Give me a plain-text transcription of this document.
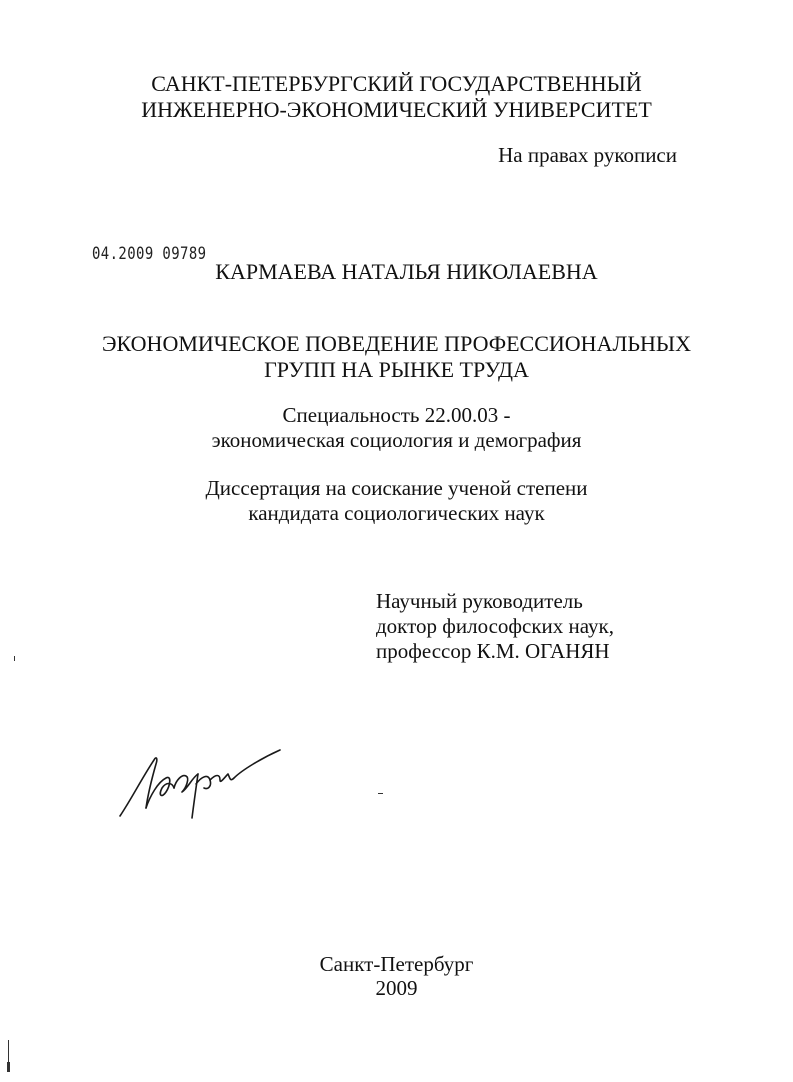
САНКТ-ПЕТЕРБУРГСКИЙ ГОСУДАРСТВЕННЫЙ
ИНЖЕНЕРНО-ЭКОНОМИЧЕСКИЙ УНИВЕРСИТЕТ
На правах рукописи
04.2009 09789
КАРМАЕВА НАТАЛЬЯ НИКОЛАЕВНА
ЭКОНОМИЧЕСКОЕ ПОВЕДЕНИЕ ПРОФЕССИОНАЛЬНЫХ
ГРУПП НА РЫНКЕ ТРУДА
Специальность 22.00.03 -
экономическая социология и демография
Диссертация на соискание ученой степени
кандидата социологических наук
Научный руководитель
доктор философских наук,
профессор К.М. ОГАНЯН
Санкт-Петербург
2009
